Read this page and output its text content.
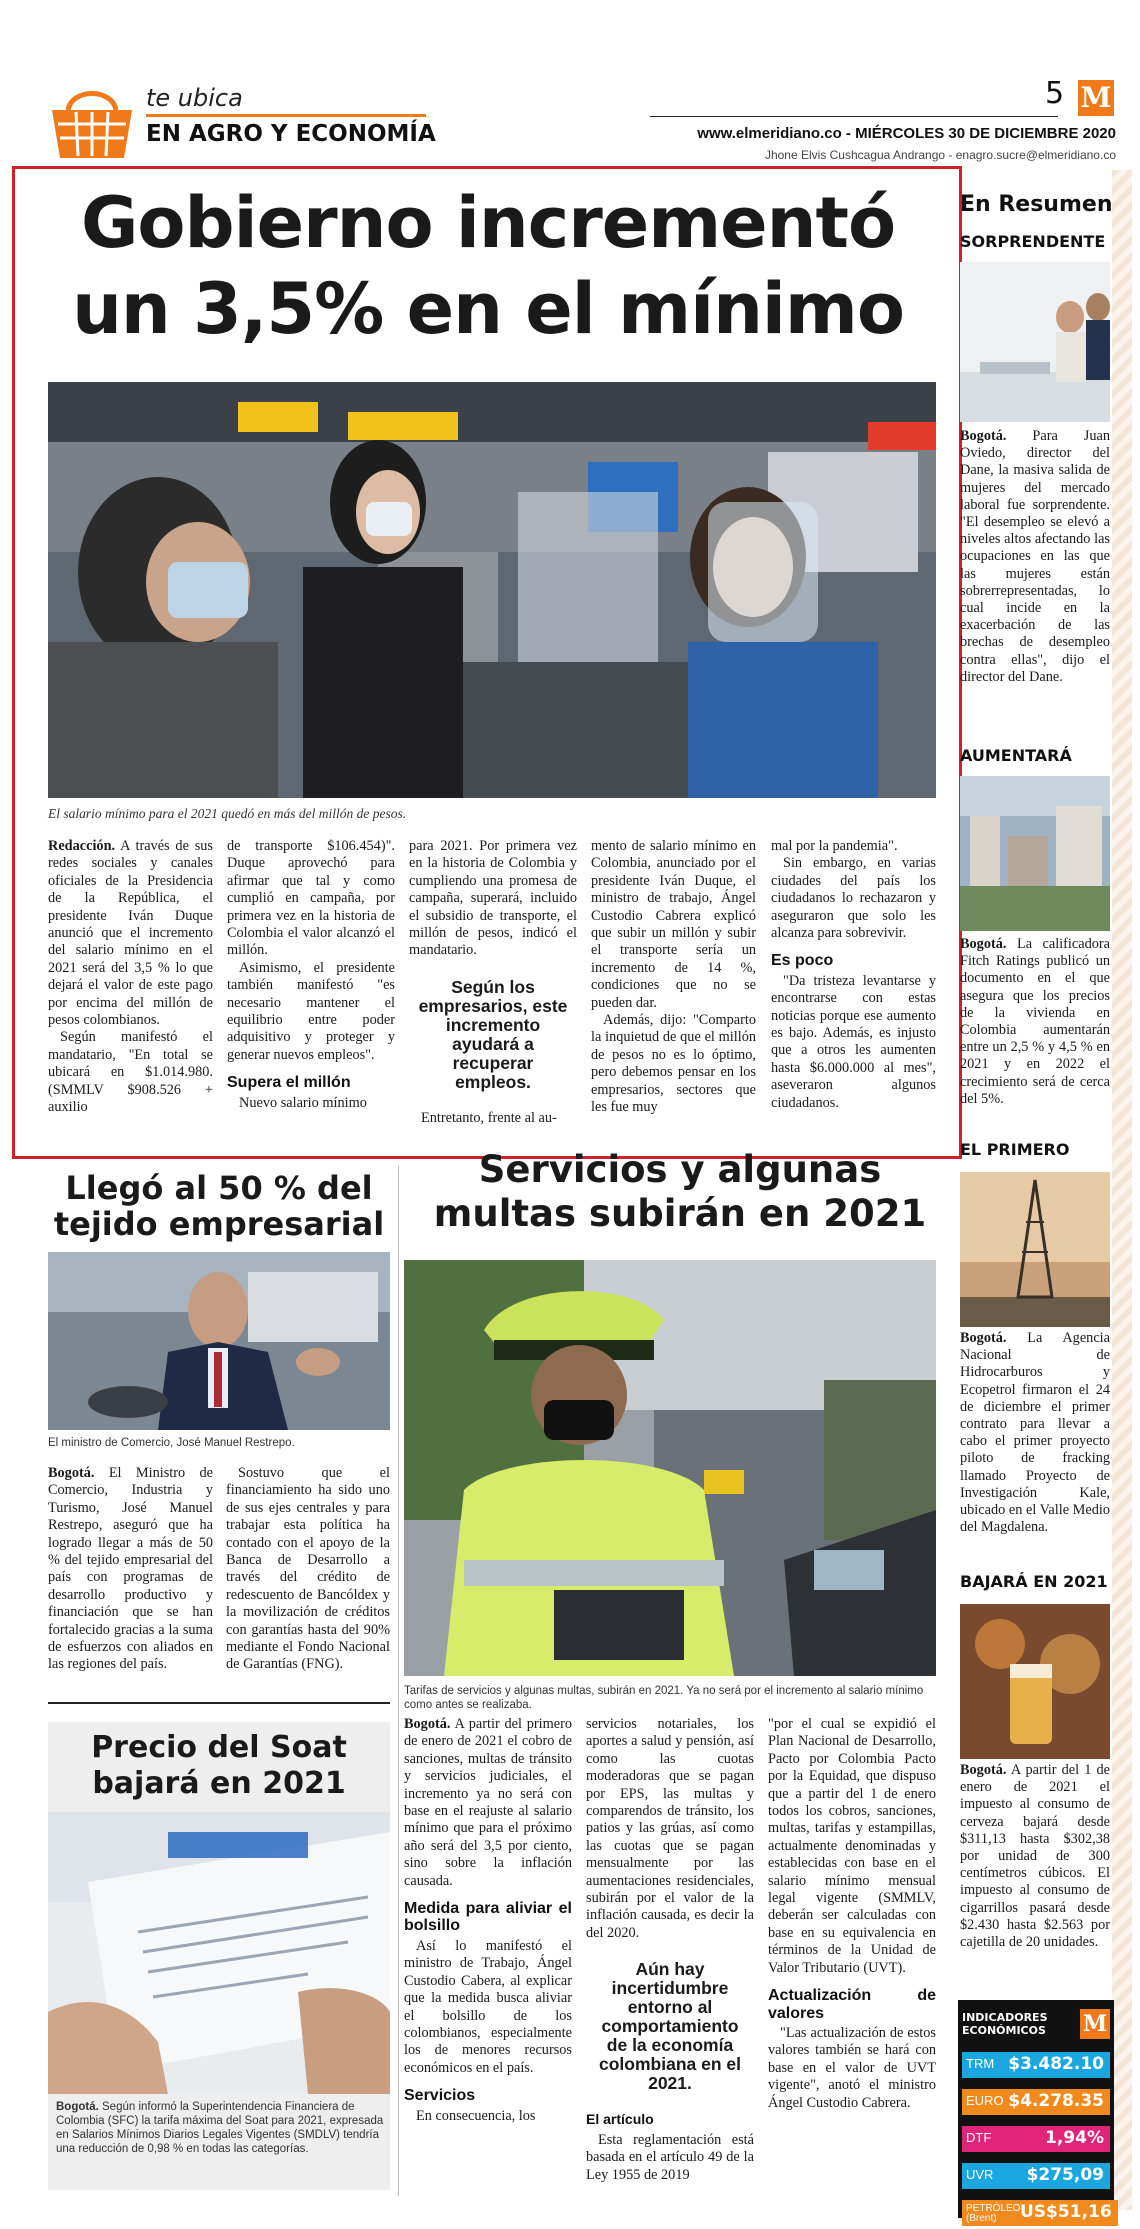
te ubica
EN AGRO Y ECONOMÍA
5 M
www.elmeridiano.co - MIÉRCOLES 30 DE DICIEMBRE 2020
Jhone Elvis Cushcagua Andrango - enagro.sucre@elmeridiano.co
Gobierno incrementó
un 3,5% en el mínimo
El salario mínimo para el 2021 quedó en más del millón de pesos.

Redacción. A través de sus redes sociales y canales oficiales de la Presidencia de la República, el presidente Iván Duque anunció que el incremento del salario mínimo en el 2021 será del 3,5 % lo que dejará el valor de este pago por encima del millón de pesos colombianos.

Según manifestó el mandatario, "En total se ubicará en $1.014.980. (SMMLV $908.526 + auxilio

de transporte $106.454)". Duque aprovechó para afirmar que tal y como cumplió en campaña, por primera vez en la historia de Colombia el valor alcanzó el millón.

Asimismo, el presidente también manifestó "es necesario mantener el equilibrio entre poder adquisitivo y proteger y generar nuevos empleos".

Supera el millón

Nuevo salario mínimo

para 2021. Por primera vez en la historia de Colombia y cumpliendo una promesa de campaña, superará, incluido el subsidio de transporte, el millón de pesos, indicó el mandatario.

Según los empresarios, este incremento ayudará a recuperar empleos.

Entretanto, frente al au-

mento de salario mínimo en Colombia, anunciado por el presidente Iván Duque, el ministro de trabajo, Ángel Custodio Cabrera explicó que subir un millón y subir el transporte sería un incremento de 14 %, condiciones que no se pueden dar.

Además, dijo: "Comparto la inquietud de que el millón de pesos no es lo óptimo, pero debemos pensar en los empresarios, sectores que les fue muy

mal por la pandemia".

Sin embargo, en varias ciudades del país los ciudadanos lo rechazaron y aseguraron que solo les alcanza para sobrevivir.

Es poco

"Da tristeza levantarse y encontrarse con estas noticias porque ese aumento es bajo. Además, es injusto que a otros les aumenten hasta $6.000.000 al mes", aseveraron algunos ciudadanos.

Llegó al 50 % del tejido empresarial
El ministro de Comercio, José Manuel Restrepo.

Bogotá. El Ministro de Comercio, Industria y Turismo, José Manuel Restrepo, aseguró que ha logrado llegar a más de 50 % del tejido empresarial del país con programas de desarrollo productivo y financiación que se han fortalecido gracias a la suma de esfuerzos con aliados en las regiones del país.

Sostuvo que el financiamiento ha sido uno de sus ejes centrales y para trabajar esta política ha contado con el apoyo de la Banca de Desarrollo a través del crédito de redescuento de Bancóldex y la movilización de créditos con garantías hasta del 90% mediante el Fondo Nacional de Garantías (FNG).

Precio del Soat bajará en 2021
Bogotá. Según informó la Superintendencia Financiera de Colombia (SFC) la tarifa máxima del Soat para 2021, expresada en Salarios Mínimos Diarios Legales Vigentes (SMDLV) tendría una reducción de 0,98 % en todas las categorías.
Servicios y algunas multas subirán en 2021
Tarifas de servicios y algunas multas, subirán en 2021. Ya no será por el incremento al salario mínimo como antes se realizaba.

Bogotá. A partir del primero de enero de 2021 el cobro de sanciones, multas de tránsito y servicios judiciales, el incremento ya no será con base en el reajuste al salario mínimo que para el próximo año será del 3,5 por ciento, sino sobre la inflación causada.

Medida para aliviar el bolsillo

Así lo manifestó el ministro de Trabajo, Ángel Custodio Cabera, al explicar que la medida busca aliviar el bolsillo de los colombianos, especialmente los de menores recursos económicos en el país.

Servicios

En consecuencia, los

servicios notariales, los aportes a salud y pensión, así como las cuotas moderadoras que se pagan por EPS, las multas y comparendos de tránsito, los patios y las grúas, así como las cuotas que se pagan mensualmente por las aumentaciones residenciales, subirán por el valor de la inflación causada, es decir la del 2020.

Aún hay incertidumbre entorno al comportamiento de la economía colombiana en el 2021.
El artículo

Esta reglamentación está basada en el artículo 49 de la Ley 1955 de 2019

"por el cual se expidió el Plan Nacional de Desarrollo, Pacto por Colombia Pacto por la Equidad, que dispuso que a partir del 1 de enero todos los cobros, sanciones, multas, tarifas y estampillas, actualmente denominadas y establecidas con base en el salario mínimo mensual legal vigente (SMMLV, deberán ser calculadas con base en su equivalencia en términos de la Unidad de Valor Tributario (UVT).

Actualización de valores

"Las actualización de estos valores también se hará con base en el valor de UVT vigente", anotó el ministro Ángel Custodio Cabrera.

En Resumen
SORPRENDENTE
Bogotá. Para Juan Oviedo, director del Dane, la masiva salida de mujeres del mercado laboral fue sorprendente. "El desempleo se elevó a niveles altos afectando las ocupaciones en las que las mujeres están sobrerrepresentadas, lo cual incide en la exacerbación de las brechas de desempleo contra ellas", dijo el director del Dane.
AUMENTARÁ
Bogotá. La calificadora Fitch Ratings publicó un documento en el que asegura que los precios de la vivienda en Colombia aumentarán entre un 2,5 % y 4,5 % en 2021 y en 2022 el crecimiento será de cerca del 5%.
EL PRIMERO
Bogotá. La Agencia Nacional de Hidrocarburos y Ecopetrol firmaron el 24 de diciembre el primer contrato para llevar a cabo el primer proyecto piloto de fracking llamado Proyecto de Investigación Kale, ubicado en el Valle Medio del Magdalena.
BAJARÁ EN 2021
Bogotá. A partir del 1 de enero de 2021 el impuesto al consumo de cerveza bajará desde $311,13 hasta $302,38 por unidad de 300 centímetros cúbicos. El impuesto al consumo de cigarrillos pasará desde $2.430 hasta $2.563 por cajetilla de 20 unidades.
INDICADORES ECONÓMICOS	M
TRM $3.482.10
EURO $4.278.35
DTF	1,94%
UVR	$275,09
PETRÓLEO
(Brent)	US$51,16
